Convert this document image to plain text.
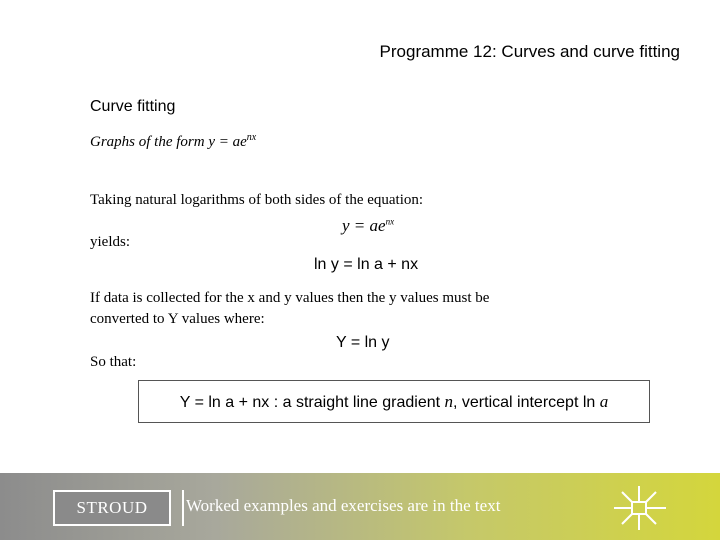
Programme 12: Curves and curve fitting
Curve fitting
Graphs of the form $y = ae^{nx}$
Taking natural logarithms of both sides of the equation:
$y = ae^{nx}$
yields:
ln y = ln a + nx
If data is collected for the x and y values then the y values must be
converted to Y values where:
Y = ln y
So that:
Y = ln a + nx : a straight line gradient n, vertical intercept ln a
STROUD	Worked examples and exercises are in the text
